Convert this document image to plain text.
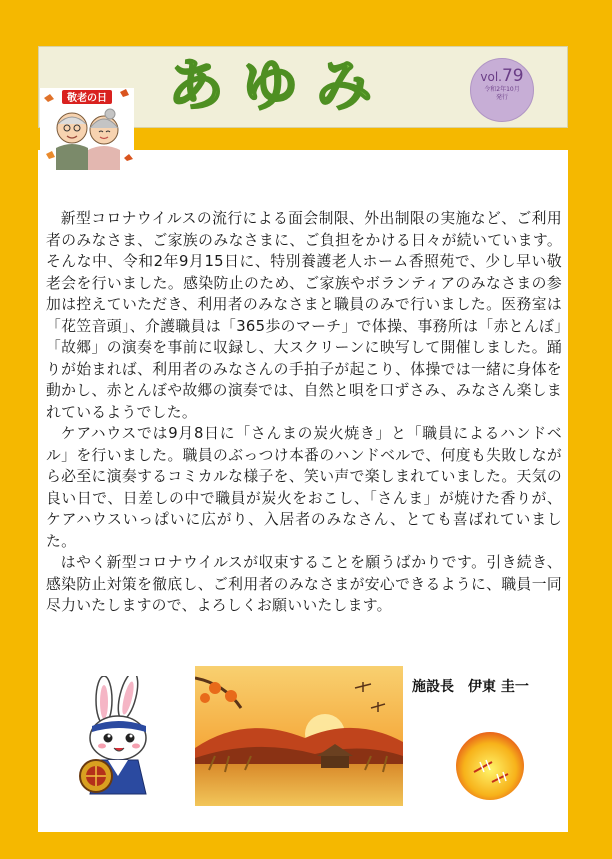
あゆみ	vol.79
令和2年10月
発行
敬老の日

新型コロナウイルスの流行による面会制限、外出制限の実施など、ご利用者のみなさま、ご家族のみなさまに、ご負担をかける日々が続いています。そんな中、令和2年9月15日に、特別養護老人ホーム香照苑で、少し早い敬老会を行いました。感染防止のため、ご家族やボランティアのみなさまの参加は控えていただき、利用者のみなさまと職員のみで行いました。医務室は「花笠音頭」、介護職員は「365歩のマーチ」で体操、事務所は「赤とんぼ」「故郷」の演奏を事前に収録し、大スクリーンに映写して開催しました。踊りが始まれば、利用者のみなさんの手拍子が起こり、体操では一緒に身体を動かし、赤とんぼや故郷の演奏では、自然と唄を口ずさみ、みなさん楽しまれているようでした。

ケアハウスでは9月8日に「さんまの炭火焼き」と「職員によるハンドベル」を行いました。職員のぶっつけ本番のハンドベルで、何度も失敗しながら必至に演奏するコミカルな様子を、笑い声で楽しまれていました。天気の良い日で、日差しの中で職員が炭火をおこし、「さんま」が焼けた香りが、ケアハウスいっぱいに広がり、入居者のみなさん、とても喜ばれていました。

はやく新型コロナウイルスが収束することを願うばかりです。引き続き、感染防止対策を徹底し、ご利用者のみなさまが安心できるように、職員一同尽力いたしますので、よろしくお願いいたします。

施設長　伊東 圭一
